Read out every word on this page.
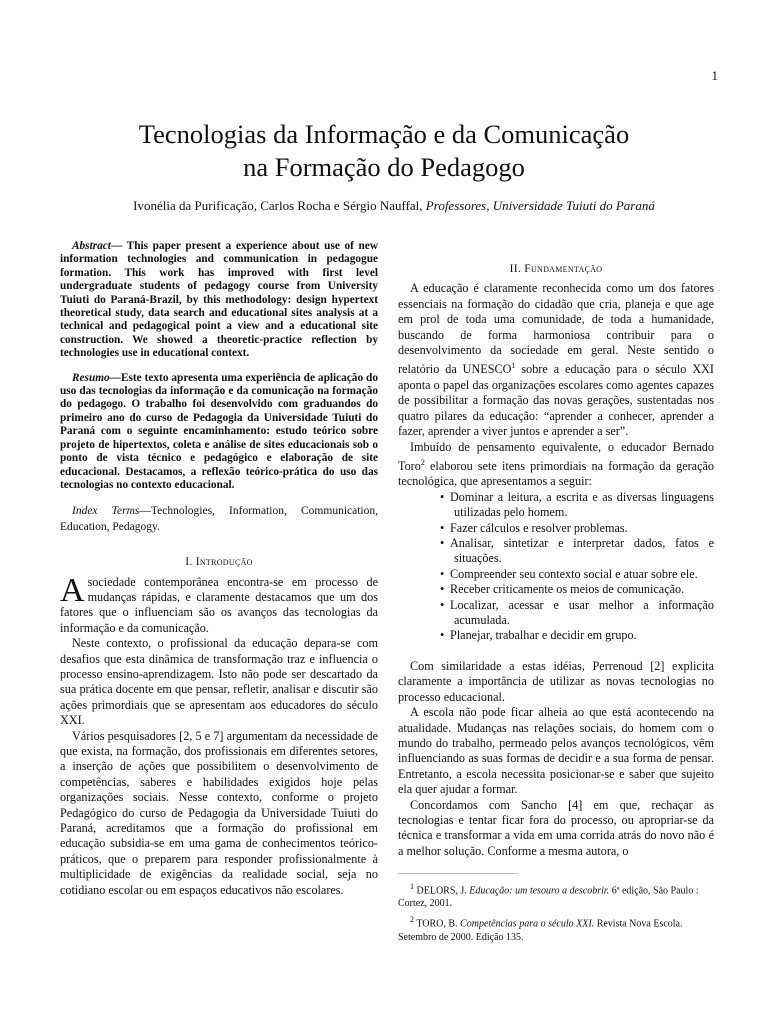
1
Tecnologias da Informação e da Comunicação
na Formação do Pedagogo
Ivonélia da Purificação, Carlos Rocha e Sérgio Nauffal, Professores, Universidade Tuiuti do Paraná

Abstract— This paper present a experience about use of new information technologies and communication in pedagogue formation. This work has improved with first level undergraduate students of pedagogy course from University Tuiuti do Paraná-Brazil, by this methodology: design hypertext theoretical study, data search and educational sites analysis at a technical and pedagogical point a view and a educational site construction. We showed a theoretic-practice reflection by technologies use in educational context.

Resumo—Este texto apresenta uma experiência de aplicação do uso das tecnologias da informação e da comunicação na formação do pedagogo. O trabalho foi desenvolvido com graduandos do primeiro ano do curso de Pedagogia da Universidade Tuiuti do Paraná com o seguinte encaminhamento: estudo teórico sobre projeto de hipertextos, coleta e análise de sites educacionais sob o ponto de vista técnico e pedagógico e elaboração de site educacional. Destacamos, a reflexão teórico-prática do uso das tecnologias no contexto educacional.

Index Terms—Technologies, Information, Communication, Education, Pedagogy.

I. Introdução

Asociedade contemporânea encontra-se em processo de mudanças rápidas, e claramente destacamos que um dos fatores que o influenciam são os avanços das tecnologias da informação e da comunicação.

Neste contexto, o profissional da educação depara-se com desafios que esta dinâmica de transformação traz e influencia o processo ensino-aprendizagem. Isto não pode ser descartado da sua prática docente em que pensar, refletir, analisar e discutir são ações primordiais que se apresentam aos educadores do século XXI.

Vários pesquisadores [2, 5 e 7] argumentam da necessidade de que exista, na formação, dos profissionais em diferentes setores, a inserção de ações que possibilitem o desenvolvimento de competências, saberes e habilidades exigidos hoje pelas organizações sociais. Nesse contexto, conforme o projeto Pedagógico do curso de Pedagogia da Universidade Tuiuti do Paraná, acreditamos que a formação do profissional em educação subsidia-se em uma gama de conhecimentos teórico-práticos, que o preparem para responder profissionalmente à multiplicidade de exigências da realidade social, seja no cotidiano escolar ou em espaços educativos não escolares.

II. Fundamentação

A educação é claramente reconhecida como um dos fatores essenciais na formação do cidadão que cria, planeja e que age em prol de toda uma comunidade, de toda a humanidade, buscando de forma harmoniosa contribuir para o desenvolvimento da sociedade em geral. Neste sentido o relatório da UNESCO$^1$ sobre a educação para o século XXI aponta o papel das organizações escolares como agentes capazes de possibilitar a formação das novas gerações, sustentadas nos quatro pilares da educação: “aprender a conhecer, aprender a fazer, aprender a viver juntos e aprender a ser”.

Imbuído de pensamento equivalente, o educador Bernado Toro$^2$ elaborou sete itens primordiais na formação da geração tecnológica, que apresentamos a seguir:

• Dominar a leitura, a escrita e as diversas linguagens utilizadas pelo homem.

• Fazer cálculos e resolver problemas.

• Analisar, sintetizar e interpretar dados, fatos e situações.

• Compreender seu contexto social e atuar sobre ele.

• Receber criticamente os meios de comunicação.

• Localizar, acessar e usar melhor a informação acumulada.

• Planejar, trabalhar e decidir em grupo.

Com similaridade a estas idéias, Perrenoud [2] explicita claramente a importância de utilizar as novas tecnologias no processo educacional.

A escola não pode ficar alheia ao que está acontecendo na atualidade. Mudanças nas relações sociais, do homem com o mundo do trabalho, permeado pelos avanços tecnológicos, vêm influenciando as suas formas de decidir e a sua forma de pensar. Entretanto, a escola necessita posicionar-se e saber que sujeito ela quer ajudar a formar.

Concordamos com Sancho [4] em que, rechaçar as tecnologias e tentar ficar fora do processo, ou apropriar-se da técnica e transformar a vida em uma corrida atrás do novo não é a melhor solução. Conforme a mesma autora, o

$^1$ DELORS, J. Educação: um tesouro a descobrir. 6ª edição, São Paulo : Cortez, 2001.

$^2$ TORO, B. Competências para o século XXI. Revista Nova Escola. Setembro de 2000. Edição 135.
